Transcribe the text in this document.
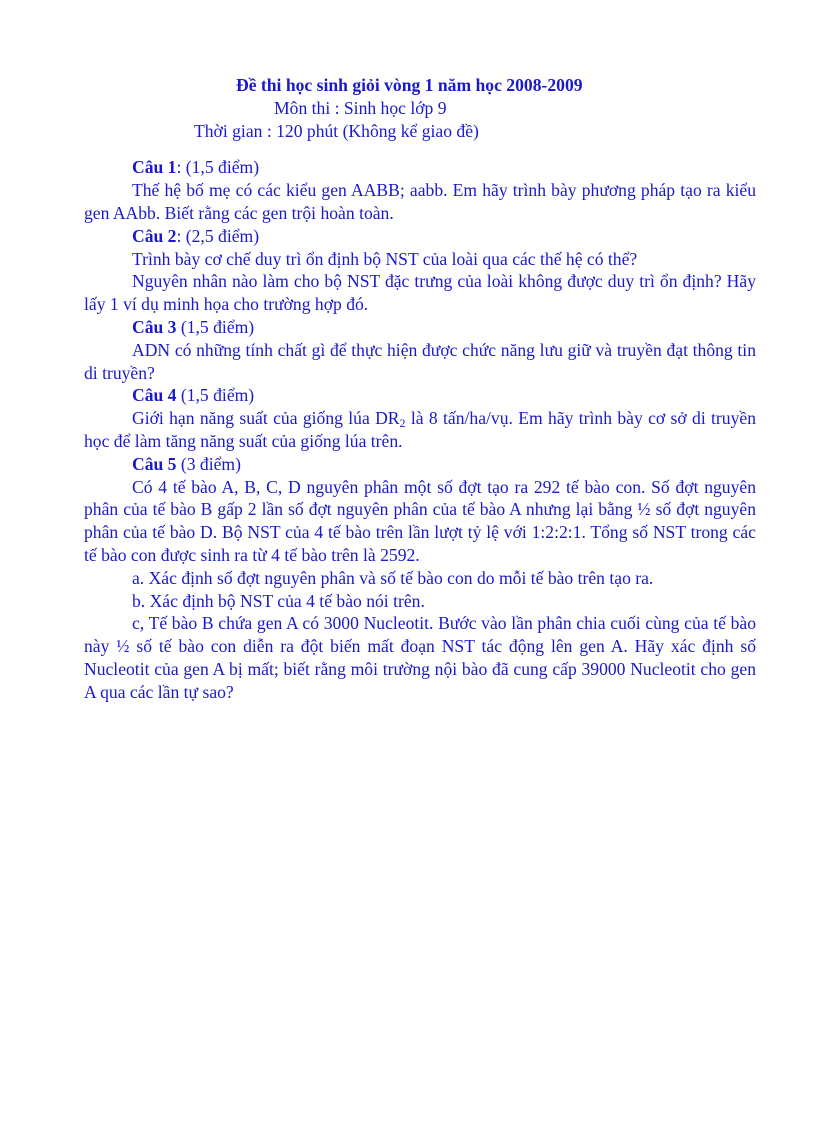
Đề thi học sinh giỏi vòng 1 năm học 2008-2009
Môn thi : Sinh học lớp 9
Thời gian : 120 phút (Không kể giao đề)
Câu 1: (1,5 điểm)
Thế hệ bố mẹ có các kiểu gen AABB; aabb. Em hãy trình bày phương pháp tạo ra kiểu gen AAbb. Biết rằng các gen trội hoàn toàn.
Câu 2: (2,5 điểm)
Trình bày cơ chế duy trì ổn định bộ NST của loài qua các thế hệ có thể?
Nguyên nhân nào làm cho bộ NST đặc trưng của loài không được duy trì ổn định? Hãy lấy 1 ví dụ minh họa cho trường hợp đó.
Câu 3 (1,5 điểm)
ADN có những tính chất gì để thực hiện được chức năng lưu giữ và truyền đạt thông tin di truyền?
Câu 4 (1,5 điểm)
Giới hạn năng suất của giống lúa $DR_2$ là 8 tấn/ha/vụ. Em hãy trình bày cơ sở di truyền học để làm tăng năng suất của giống lúa trên.
Câu 5 (3 điểm)
Có 4 tế bào A, B, C, D nguyên phân một số đợt tạo ra 292 tế bào con. Số đợt nguyên phân của tế bào B gấp 2 lần số đợt nguyên phân của tế bào A nhưng lại bằng ½ số đợt nguyên phân của tế bào D. Bộ NST của 4 tế bào trên lần lượt tỷ lệ với 1:2:2:1. Tổng số NST trong các tế bào con được sinh ra từ 4 tế bào trên là 2592.
a. Xác định số đợt nguyên phân và số tế bào con do mỗi tế bào trên tạo ra.
b. Xác định bộ NST của 4 tế bào nói trên.
c, Tế bào B chứa gen A có 3000 Nucleotit. Bước vào lần phân chia cuối cùng của tế bào này ½ số tế bào con diễn ra đột biến mất đoạn NST tác động lên gen A. Hãy xác định số Nucleotit của gen A bị mất; biết rằng môi trường nội bào đã cung cấp 39000 Nucleotit cho gen A qua các lần tự sao?
